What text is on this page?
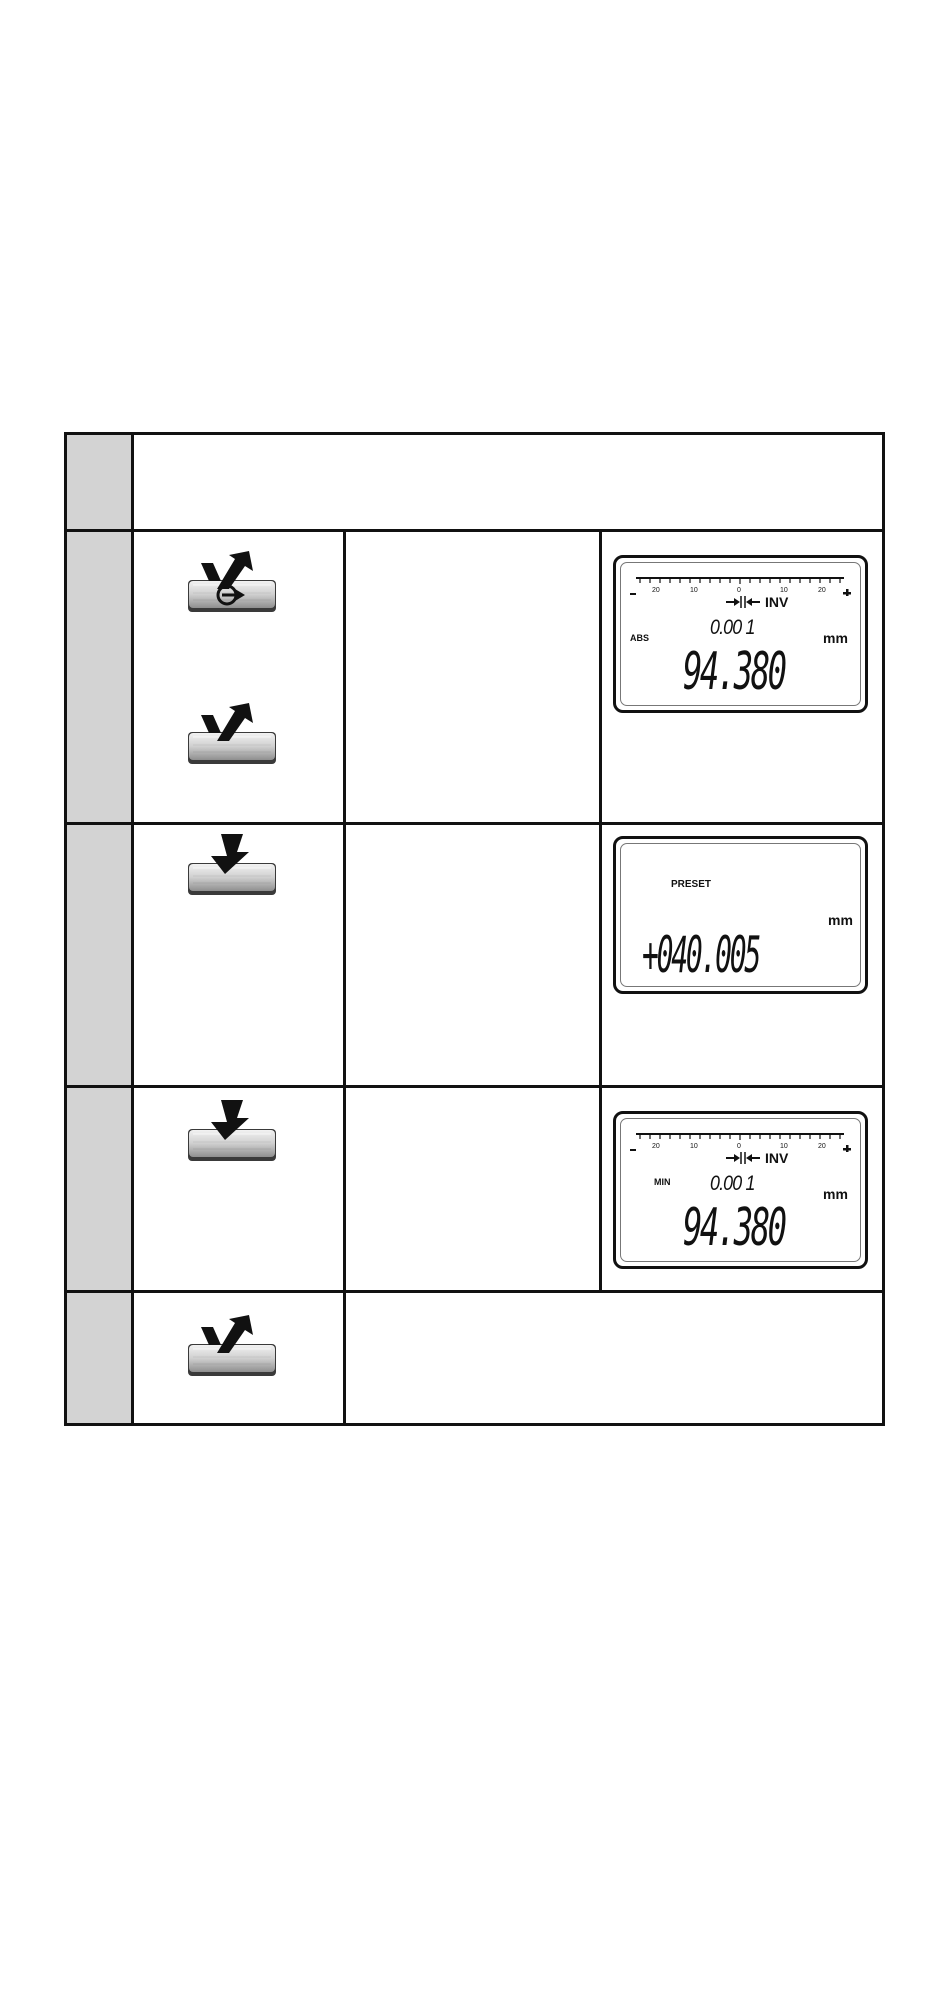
20	10	0	10	20
INV
ABS	0.00 1	mm
94.380
PRESET
mm
+040.005
20	10	0	10	20
INV
MIN 0.00 1	mm
94.380
